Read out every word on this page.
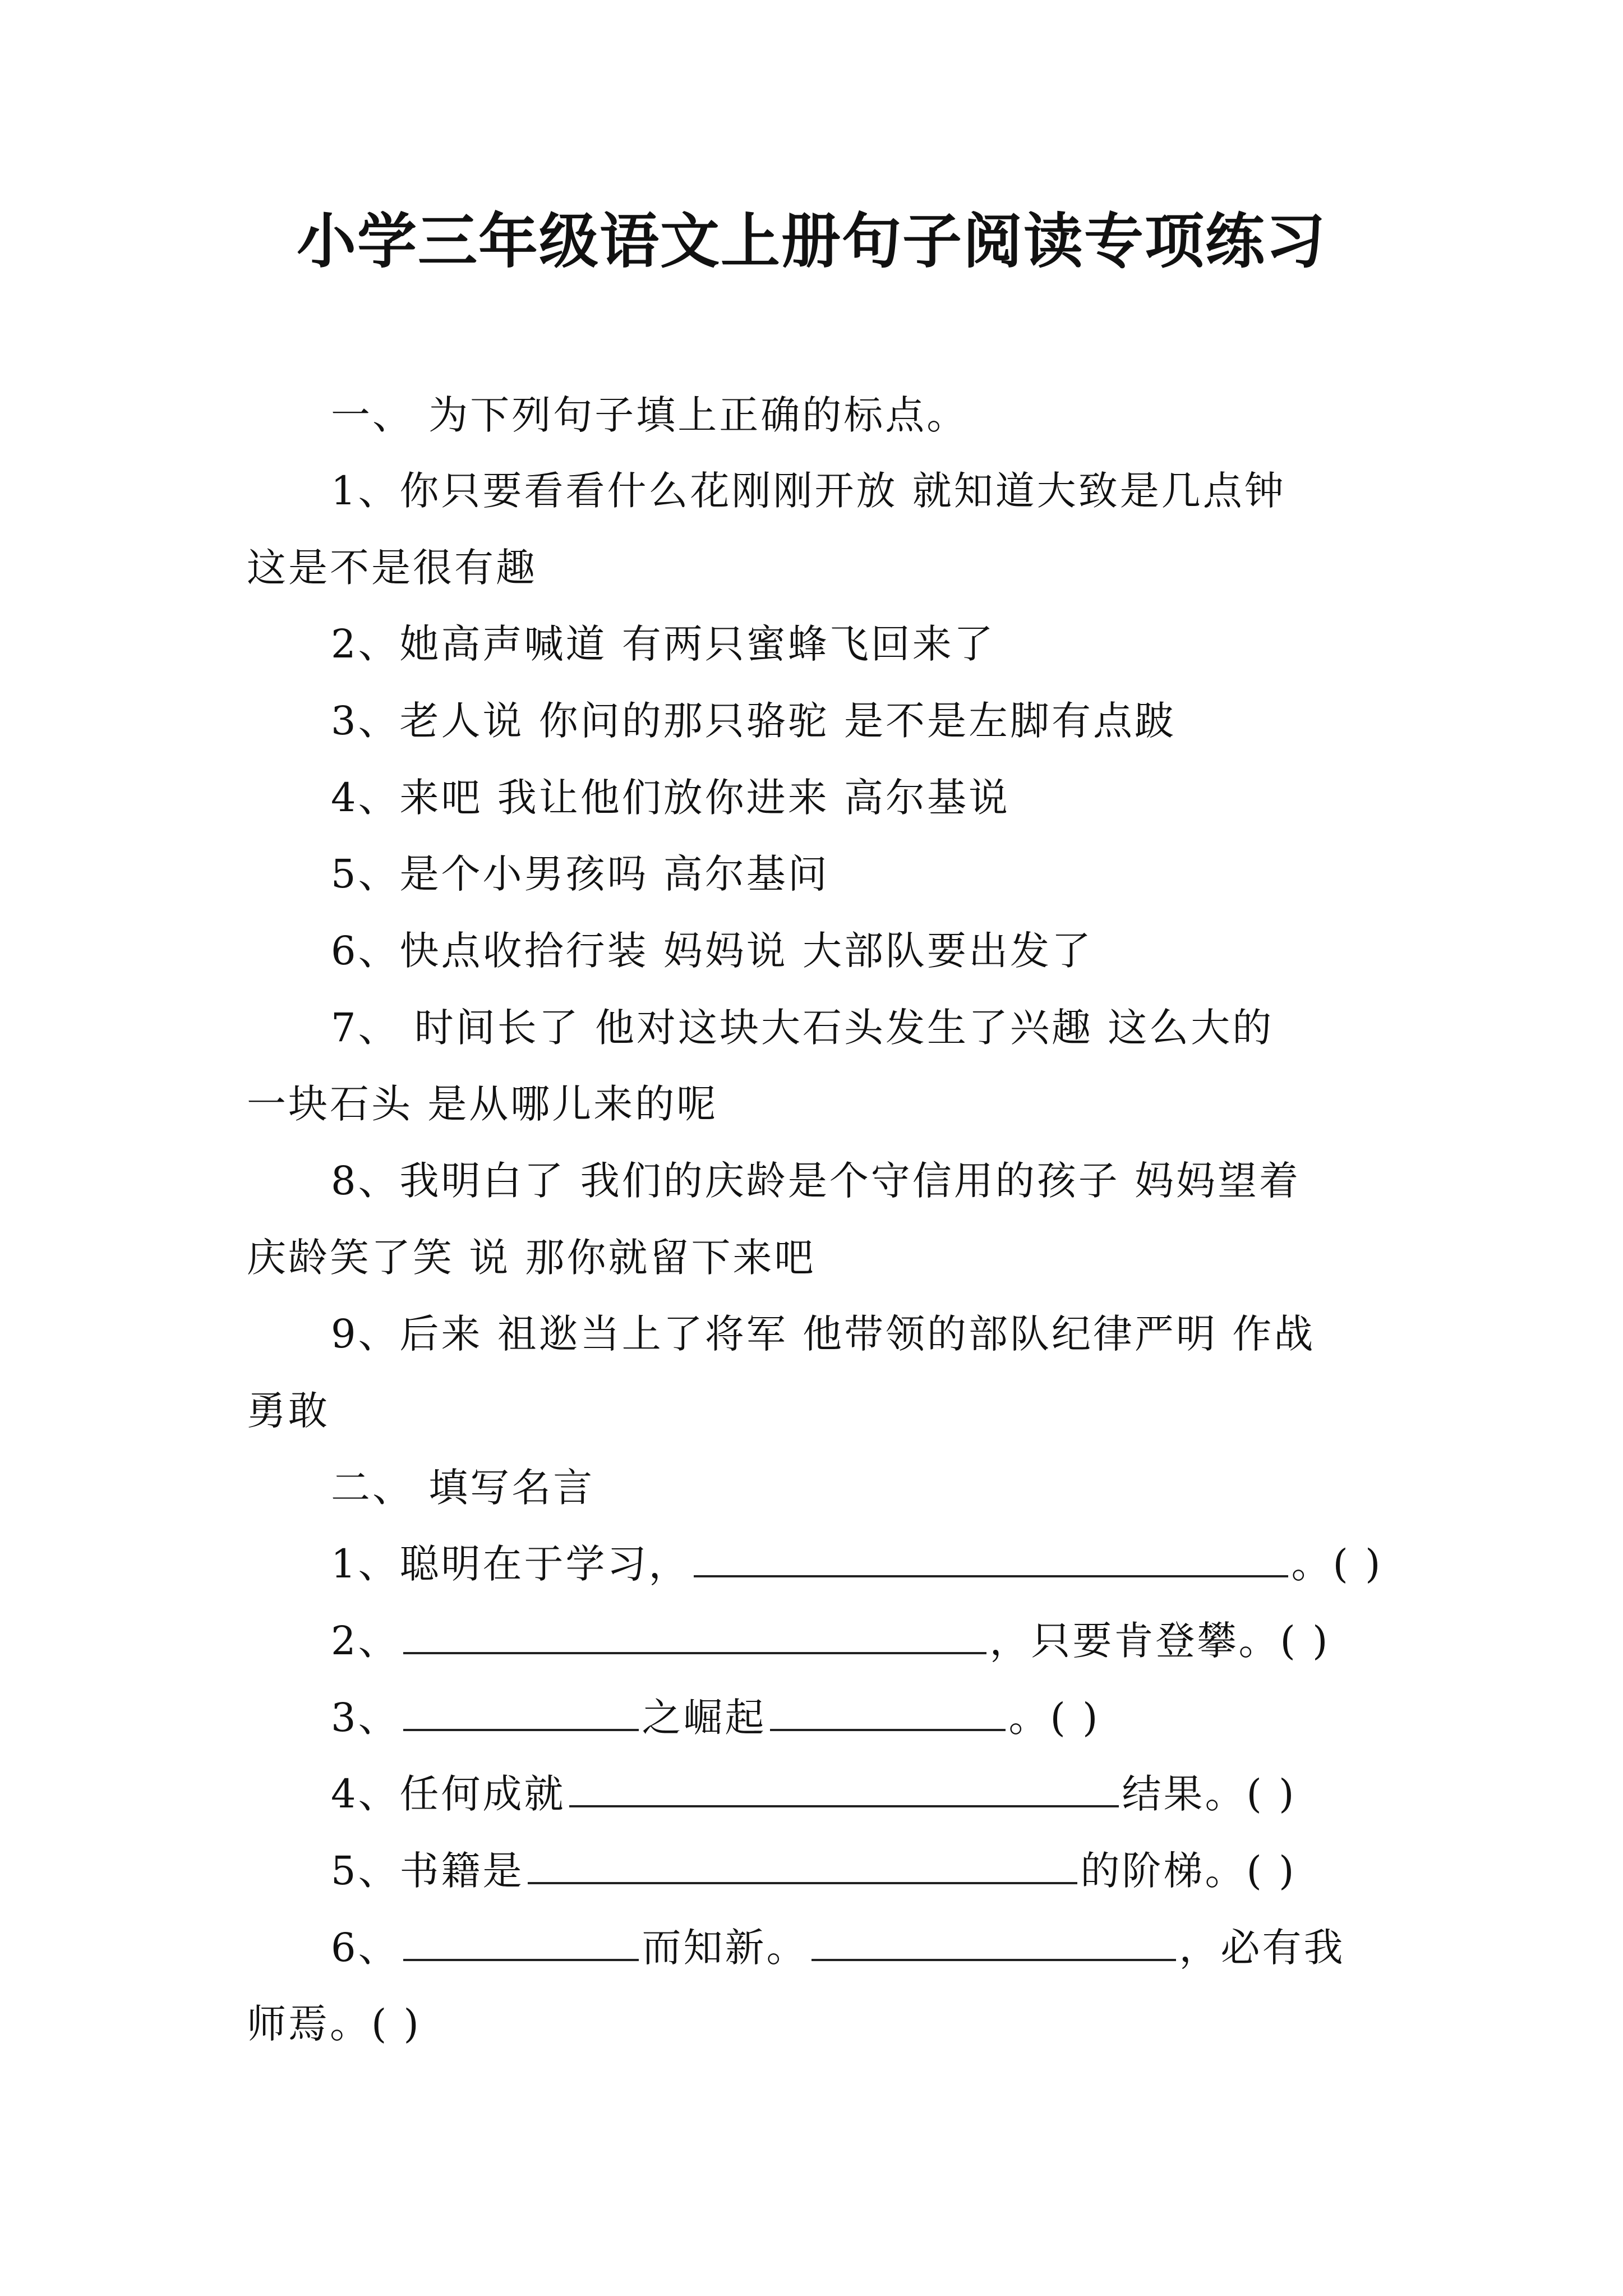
小学三年级语文上册句子阅读专项练习
一、 为下列句子填上正确的标点。
1、你只要看看什么花刚刚开放 就知道大致是几点钟
这是不是很有趣
2、她高声喊道 有两只蜜蜂飞回来了
3、老人说 你问的那只骆驼 是不是左脚有点跛
4、来吧 我让他们放你进来 高尔基说
5、是个小男孩吗 高尔基问
6、快点收拾行装 妈妈说 大部队要出发了
7、 时间长了 他对这块大石头发生了兴趣 这么大的
一块石头 是从哪儿来的呢
8、我明白了 我们的庆龄是个守信用的孩子 妈妈望着
庆龄笑了笑 说 那你就留下来吧
9、后来 祖逖当上了将军 他带领的部队纪律严明 作战
勇敢
二、 填写名言
1、聪明在于学习，	。( )
2、	，只要肯登攀。( )
3、	之崛起	。( )
4、任何成就	结果。( )
5、书籍是	的阶梯。( )
6、	而知新。	，必有我
师焉。( )
